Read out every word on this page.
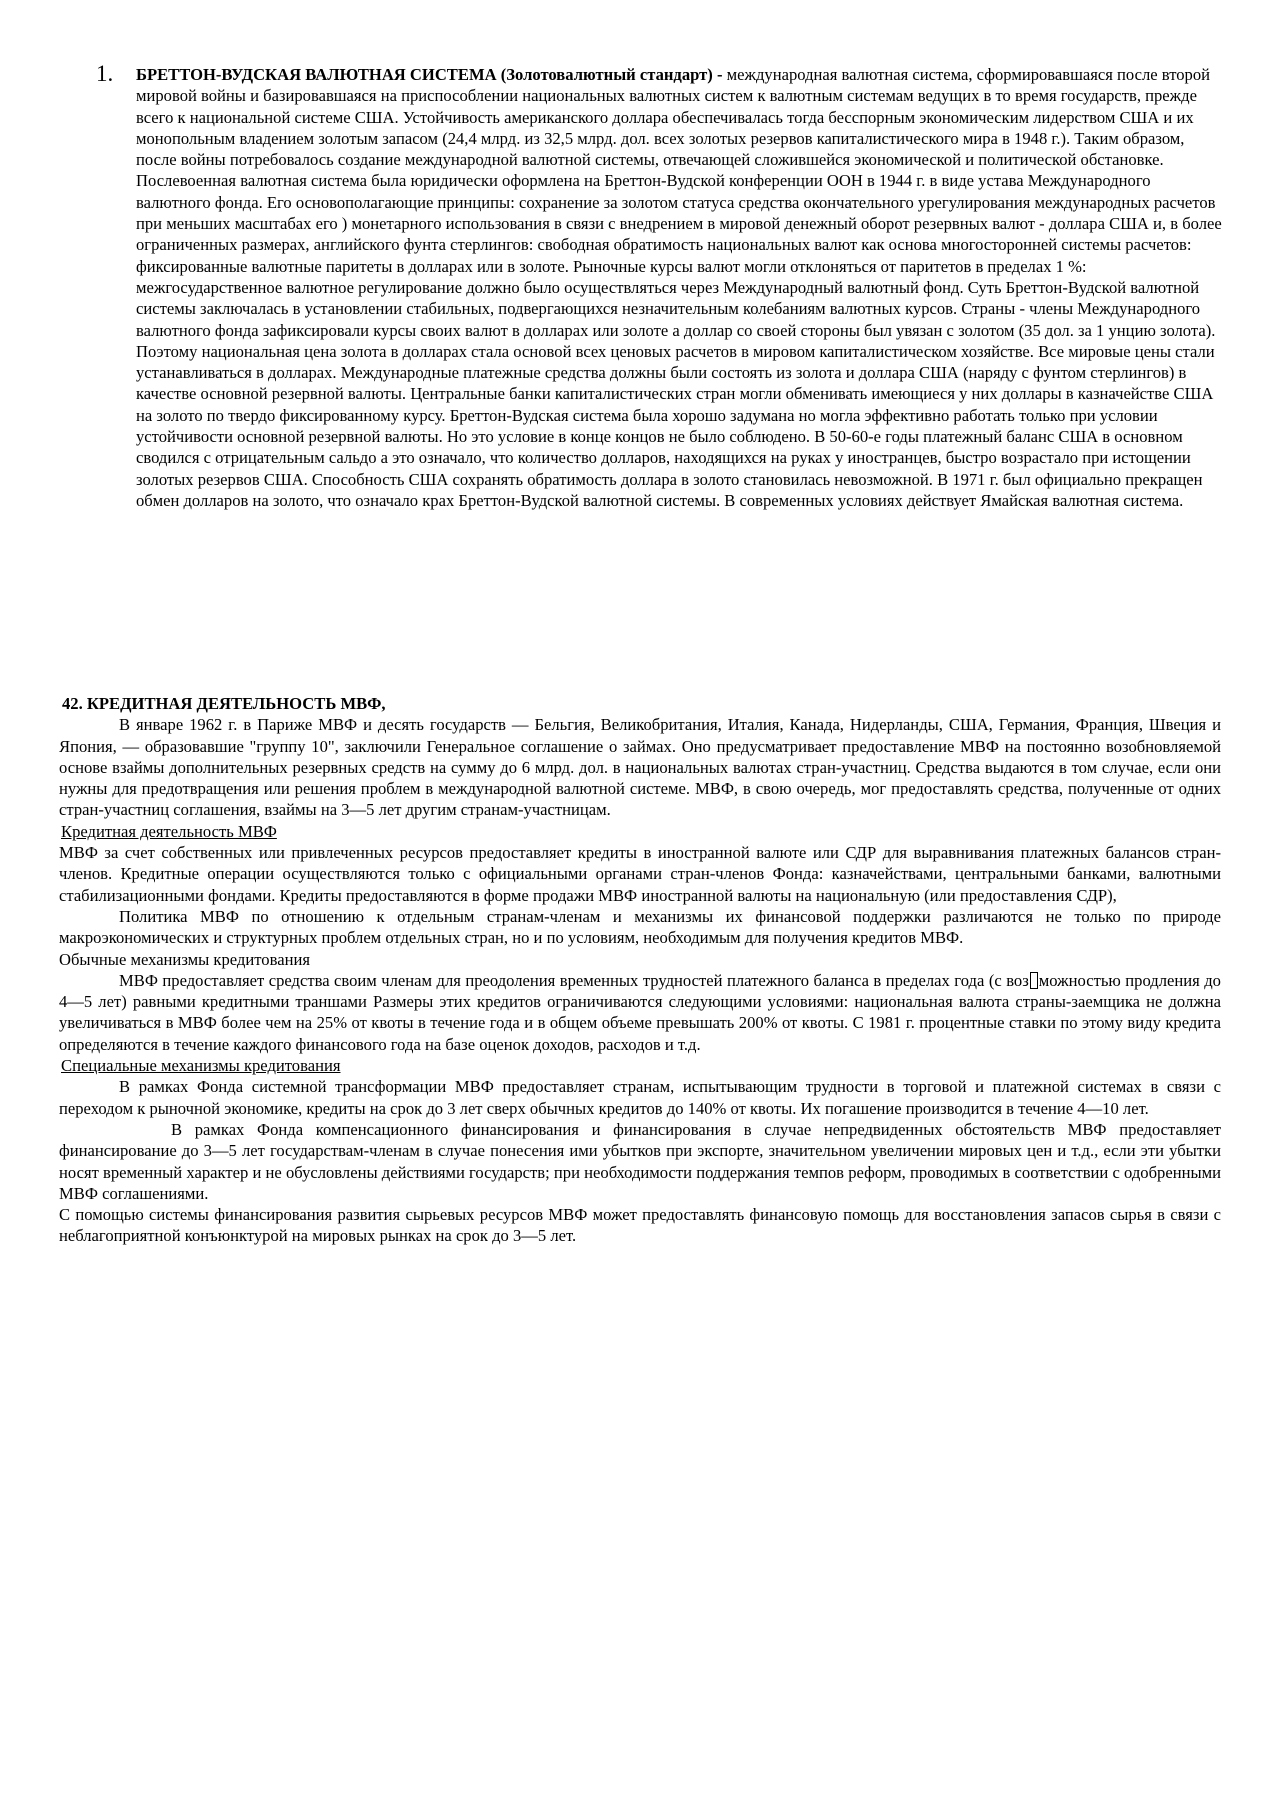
1. БРЕТТОН-ВУДСКАЯ ВАЛЮТНАЯ СИСТЕМА (Золотовалютный стандарт) - международная валютная система, сформировавшаяся после второй мировой войны и базировавшаяся на приспособлении национальных валютных систем к валютным системам ведущих в то время государств, прежде всего к национальной системе США. Устойчивость американского доллара обеспечивалась тогда бесспорным экономическим лидерством США и их монопольным владением золотым запасом (24,4 млрд. из 32,5 млрд. дол. всех золотых резервов капиталистического мира в 1948 г.). Таким образом, после войны потребовалось создание международной валютной системы, отвечающей сложившейся экономической и политической обстановке. Послевоенная валютная система была юридически оформлена на Бреттон-Вудской конференции ООН в 1944 г. в виде устава Международного валютного фонда. Его основополагающие принципы: сохранение за золотом статуса средства окончательного урегулирования международных расчетов при меньших масштабах его ) монетарного использования в связи с внедрением в мировой денежный оборот резервных валют - доллара США и, в более ограниченных размерах, английского фунта стерлингов: свободная обратимость национальных валют как основа многосторонней системы расчетов: фиксированные валютные паритеты в долларах или в золоте. Рыночные курсы валют могли отклоняться от паритетов в пределах 1 %: межгосударственное валютное регулирование должно было осуществляться через Международный валютный фонд. Суть Бреттон-Вудской валютной системы заключалась в установлении стабильных, подвергающихся незначительным колебаниям валютных курсов. Страны - члены Международного валютного фонда зафиксировали курсы своих валют в долларах или золоте а доллар со своей стороны был увязан с золотом (35 дол. за 1 унцию золота). Поэтому национальная цена золота в долларах стала основой всех ценовых расчетов в мировом капиталистическом хозяйстве. Все мировые цены стали устанавливаться в долларах. Международные платежные средства должны были состоять из золота и доллара США (наряду с фунтом стерлингов) в качестве основной резервной валюты. Центральные банки капиталистических стран могли обменивать имеющиеся у них доллары в казначействе США на золото по твердо фиксированному курсу. Бреттон-Вудская система была хорошо задумана но могла эффективно работать только при условии устойчивости основной резервной валюты. Но это условие в конце концов не было соблюдено. В 50-60-е годы платежный баланс США в основном сводился с отрицательным сальдо а это означало, что количество долларов, находящихся на руках у иностранцев, быстро возрастало при истощении золотых резервов США. Способность США сохранять обратимость доллара в золото становилась невозможной. В 1971 г. был официально прекращен обмен долларов на золото, что означало крах Бреттон-Вудской валютной системы. В современных условиях действует Ямайская валютная система.

42. КРЕДИТНАЯ ДЕЯТЕЛЬНОСТЬ МВФ,

В январе 1962 г. в Париже МВФ и десять государств — Бельгия, Великобритания, Италия, Канада, Нидерланды, США, Германия, Франция, Швеция и Япония, — образовавшие "группу 10", заключили Генеральное соглашение о займах. Оно предусматривает предоставление МВФ на постоянно возобновляемой основе взаймы дополнительных резервных средств на сумму до 6 млрд. дол. в национальных валютах стран-участниц. Средства выдаются в том случае, если они нужны для предотвращения или решения проблем в международной валютной системе. МВФ, в свою очередь, мог предоставлять средства, полученные от одних стран-участниц соглашения, взаймы на 3—5 лет другим странам-участницам.

Кредитная деятельность МВФ

МВФ за счет собственных или привлеченных ресурсов предоставляет кредиты в иностранной валюте или СДР для выравнивания платежных балансов стран-членов. Кредитные операции осуществляются только с официальными органами стран-членов Фонда: казначействами, центральными банками, валютными стабилизационными фондами. Кредиты предоставляются в форме продажи МВФ иностранной валюты на национальную (или предоставления СДР),

Политика МВФ по отношению к отдельным странам-членам и механизмы их финансовой поддержки различаются не только по природе макроэкономических и структурных проблем отдельных стран, но и по условиям, необходимым для получения кредитов МВФ.

Обычные механизмы кредитования

МВФ предоставляет средства своим членам для преодоления временных трудностей платежного баланса в пределах года (с воз можностью продления до 4—5 лет) равными кредитными траншами Размеры этих кредитов ограничиваются следующими условиями: национальная валюта страны-заемщика не должна увеличиваться в МВФ более чем на 25% от квоты в течение года и в общем объеме превышать 200% от квоты. С 1981 г. процентные ставки по этому виду кредита определяются в течение каждого финансового года на базе оценок доходов, расходов и т.д.

Специальные механизмы кредитования

В рамках Фонда системной трансформации МВФ предоставляет странам, испытывающим трудности в торговой и платежной системах в связи с переходом к рыночной экономике, кредиты на срок до 3 лет сверх обычных кредитов до 140% от квоты. Их погашение производится в течение 4—10 лет.

В рамках Фонда компенсационного финансирования и финансирования в случае непредвиденных обстоятельств МВФ предоставляет финансирование до 3—5 лет государствам-членам в случае понесения ими убытков при экспорте, значительном увеличении мировых цен и т.д., если эти убытки носят временный характер и не обусловлены действиями государств; при необходимости поддержания темпов реформ, проводимых в соответствии с одобренными МВФ соглашениями.

С помощью системы финансирования развития сырьевых ресурсов МВФ может предоставлять финансовую помощь для восстановления запасов сырья в связи с неблагоприятной конъюнктурой на мировых рынках на срок до 3—5 лет.
